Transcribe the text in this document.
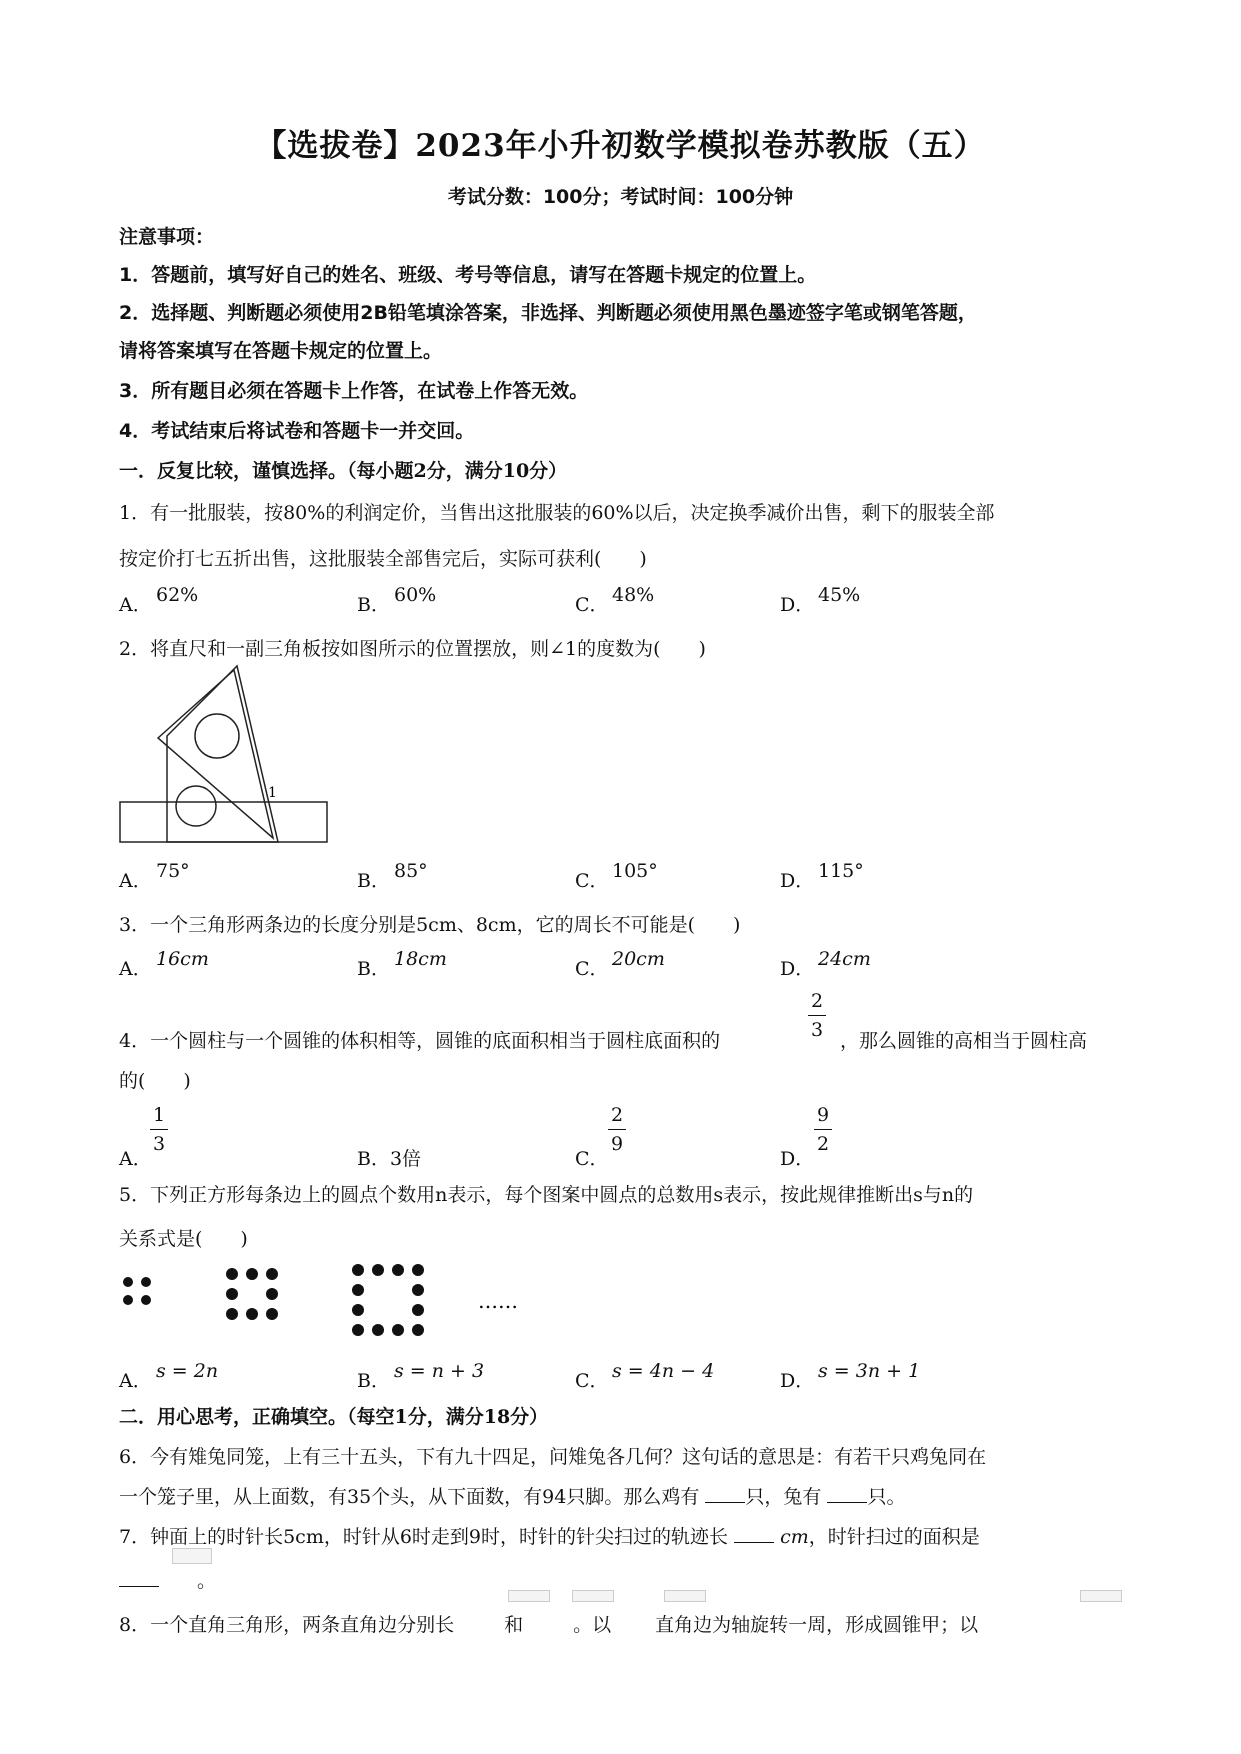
【选拔卷】2023年小升初数学模拟卷苏教版（五）
考试分数：100分；考试时间：100分钟
注意事项：
1．答题前，填写好自己的姓名、班级、考号等信息，请写在答题卡规定的位置上。
2．选择题、判断题必须使用2B铅笔填涂答案，非选择、判断题必须使用黑色墨迹签字笔或钢笔答题，
请将答案填写在答题卡规定的位置上。
3．所有题目必须在答题卡上作答，在试卷上作答无效。
4．考试结束后将试卷和答题卡一并交回。
一．反复比较，谨慎选择。（每小题2分，满分10分）
1．有一批服装，按80%的利润定价，当售出这批服装的60%以后，决定换季减价出售，剩下的服装全部
按定价打七五折出售，这批服装全部售完后，实际可获利(　　)
A． 62%	B． 60%	C． 48%	D． 45%
2．将直尺和一副三角板按如图所示的位置摆放，则∠1的度数为(　　)
1
A． 75°	B． 85°	C． 105°	D． 115°
3．一个三角形两条边的长度分别是5cm、8cm，它的周长不可能是(　　)
A． 16cm	B． 18cm	C． 20cm	D． 24cm
4．一个圆柱与一个圆锥的体积相等，圆锥的底面积相当于圆柱底面积的
2
3 ，那么圆锥的高相当于圆柱高
的(　　)
A．
1
3
B．3倍	C．
2
9
D．
9
2
5．下列正方形每条边上的圆点个数用n表示，每个图案中圆点的总数用s表示，按此规律推断出s与n的
关系式是(　　)
……
A． s = 2n	B． s = n + 3	C． s = 4n − 4	D． s = 3n + 1
二．用心思考，正确填空。（每空1分，满分18分）
6．今有雉兔同笼，上有三十五头，下有九十四足，问雉兔各几何？这句话的意思是：有若干只鸡兔同在
一个笼子里，从上面数，有35个头，从下面数，有94只脚。那么鸡有 只，兔有 只。
7．钟面上的时针长5cm，时针从6时走到9时，时针的针尖扫过的轨迹长	cm，时针扫过的面积是
。
8．一个直角三角形，两条直角边分别长	和	。以 直角边为轴旋转一周，形成圆锥甲；以
